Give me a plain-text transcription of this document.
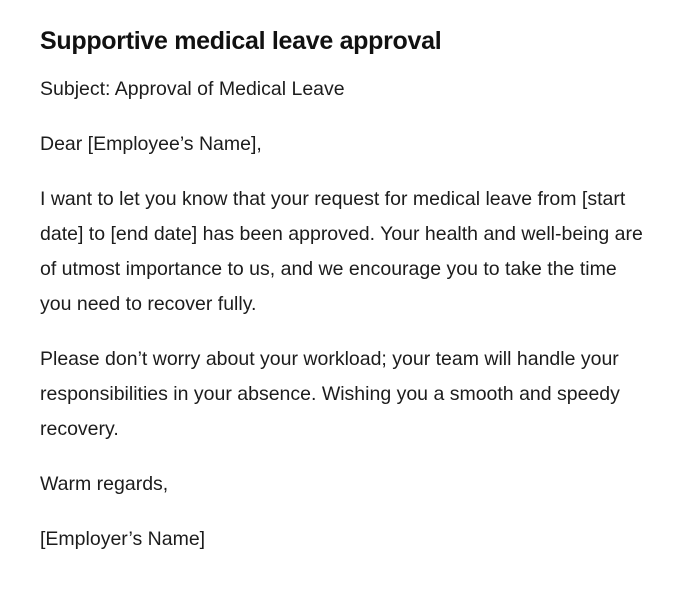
Supportive medical leave approval

Subject: Approval of Medical Leave

Dear [Employee’s Name],

I want to let you know that your request for medical leave from [start date] to [end date] has been approved. Your health and well-being are of utmost importance to us, and we encourage you to take the time you need to recover fully.

Please don’t worry about your workload; your team will handle your responsibilities in your absence. Wishing you a smooth and speedy recovery.

Warm regards,

[Employer’s Name]
